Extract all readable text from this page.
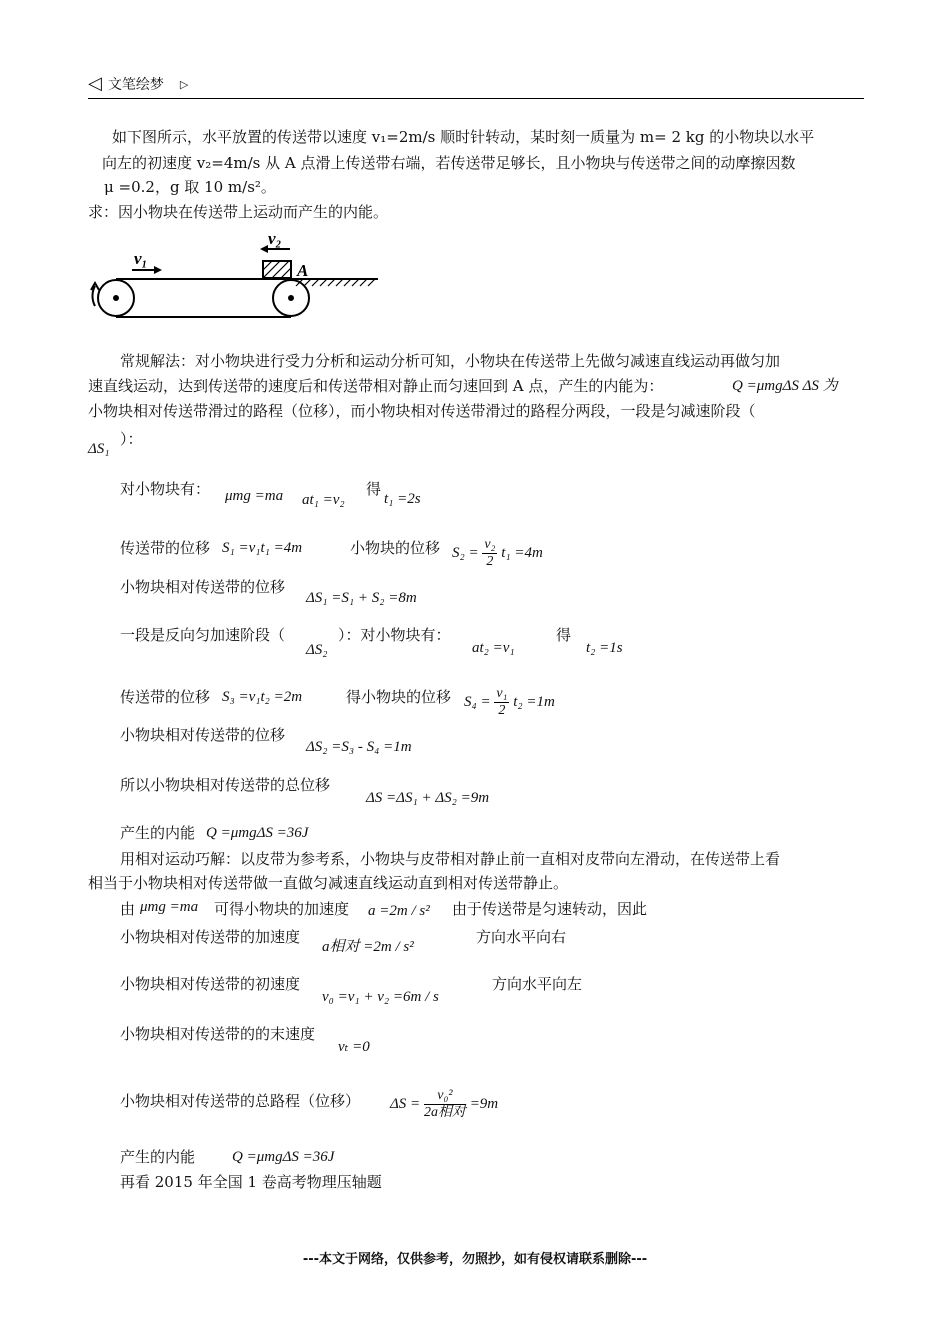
◁ 文笔绘梦 ▷
如下图所示，水平放置的传送带以速度 v₁=2m/s 顺时针转动，某时刻一质量为 m= 2 kg 的小物块以水平
向左的初速度 v₂=4m/s 从 A 点滑上传送带右端，若传送带足够长，且小物块与传送带之间的动摩擦因数
μ =0.2，g 取 10 m/s²。
求：因小物块在传送带上运动而产生的内能。
v₁
v₂
A
常规解法：对小物块进行受力分析和运动分析可知，小物块在传送带上先做匀减速直线运动再做匀加
速直线运动，达到传送带的速度后和传送带相对静止而匀速回到 A 点，产生的内能为：	Q =μmgΔS ΔS 为
小物块相对传送带滑过的路程（位移），而小物块相对传送带滑过的路程分两段，一段是匀减速阶段（
ΔS₁
）：
对小物块有： μmg =ma at₁ =v₂
得
t₁ =2s
传送带的位移 S₁ =v₁t₁ =4m	小物块的位移 $S_2 = \frac{\text{v₂}}{2} t_1 =4m$
小物块相对传送带的位移
ΔS₁ =S₁ + S₂ =8m
一段是反向匀加速阶段（
ΔS₂
）：对小物块有：
at₂ =v₁
得
t₂ =1s
传送带的位移 S₃ =v₁t₂ =2m	得小物块的位移 $S_4 = \frac{\text{v₁}}{2} t_2 =1m$
小物块相对传送带的位移
ΔS₂ =S₃ - S₄ =1m
所以小物块相对传送带的总位移
ΔS =ΔS₁ + ΔS₂ =9m
产生的内能 Q =μmgΔS =36J
用相对运动巧解：以皮带为参考系，小物块与皮带相对静止前一直相对皮带向左滑动，在传送带上看
相当于小物块相对传送带做一直做匀减速直线运动直到相对传送带静止。
由 μmg =ma 可得小物块的加速度 a =2m / s² 由于传送带是匀速转动，因此
小物块相对传送带的加速度
a相对 =2m / s²
方向水平向右
小物块相对传送带的初速度
v₀ =v₁ + v₂ =6m / s
方向水平向左
小物块相对传送带的的末速度
vₜ =0
小物块相对传送带的总路程（位移） $\Delta S = \frac{\text{v₀²}}{\text{2a相对}} =9m$
产生的内能 Q =μmgΔS =36J
再看 2015 年全国 1 卷高考物理压轴题
---本文于网络，仅供参考，勿照抄，如有侵权请联系删除---
